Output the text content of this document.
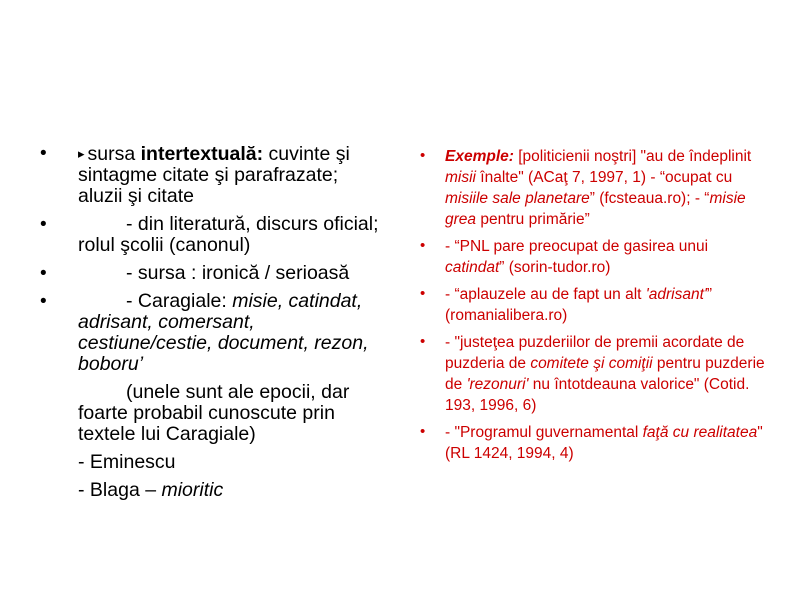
• ▸ sursa intertextuală: cuvinte şi sintagme citate şi parafrazate; aluzii şi citate
•	- din literatură, discurs oficial; rolul şcolii (canonul)
•	- sursa : ironică / serioasă
•	- Caragiale: misie, catindat, adrisant, comersant, cestiune/cestie, document, rezon, boboru’
(unele sunt ale epocii, dar foarte probabil cunoscute prin textele lui Caragiale)
- Eminescu
- Blaga – mioritic
• Exemple: [politicienii noştri] "au de îndeplinit misii înalte" (ACaţ 7, 1997, 1) - “ocupat cu misiile sale planetare” (fcsteaua.ro); - “misie grea pentru primărie”
• - “PNL pare preocupat de gasirea unui catindat” (sorin-tudor.ro)
• - “aplauzele au de fapt un alt 'adrisant'” (romanialibera.ro)
• - "justeţea puzderiilor de premii acordate de puzderia de comitete şi comiţii pentru puzderie de 'rezonuri' nu întotdeauna valorice" (Cotid. 193, 1996, 6)
• - "Programul guvernamental faţă cu realitatea" (RL 1424, 1994, 4)
